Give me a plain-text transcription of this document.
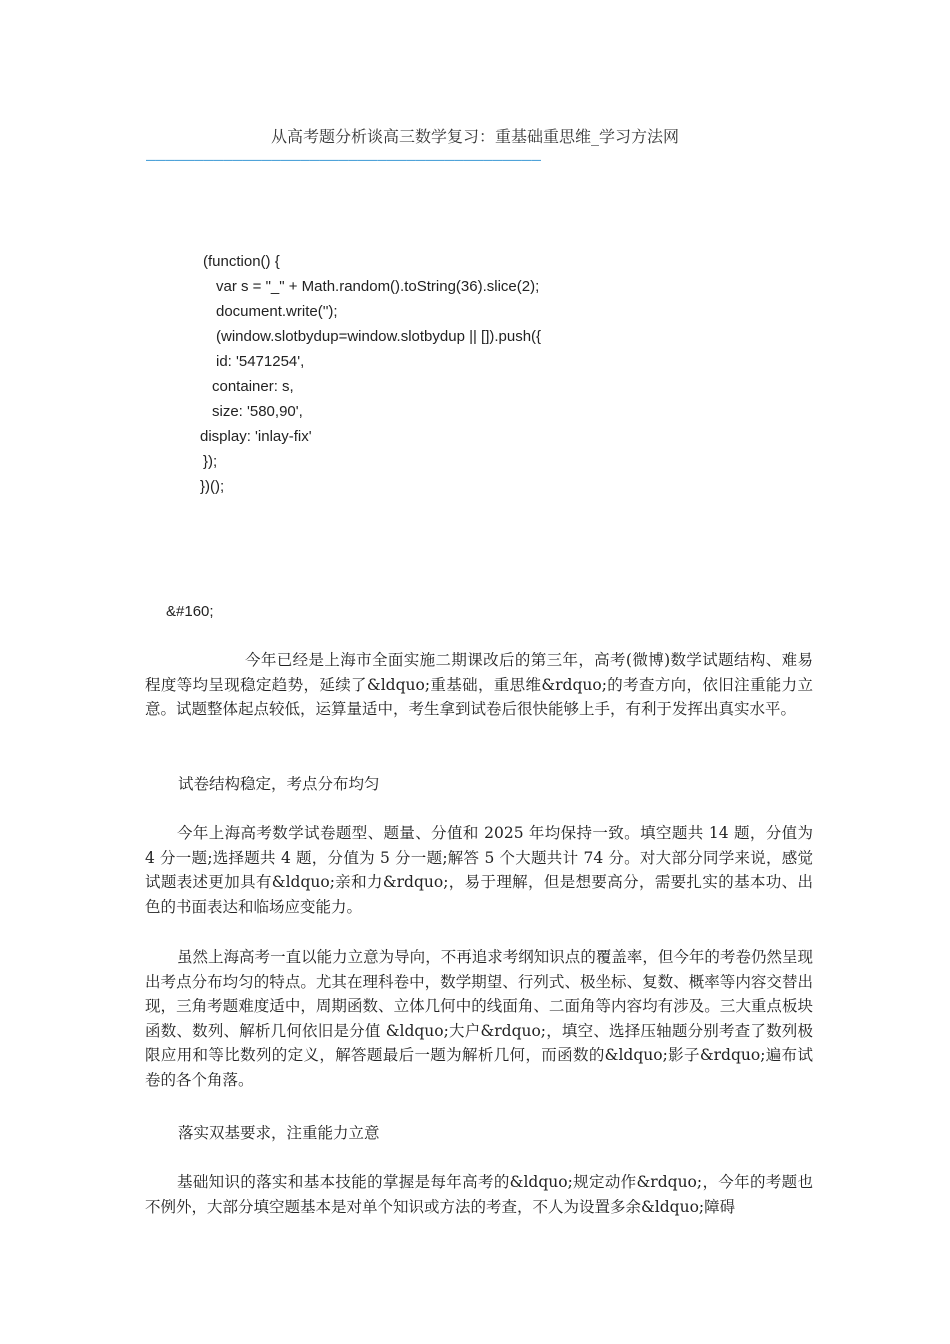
从高考题分析谈高三数学复习：重基础重思维_学习方法网
—————————————————————————————————————————
(function() {
var s = "_" + Math.random().toString(36).slice(2);
document.write('');
(window.slotbydup=window.slotbydup || []).push({
id: '5471254',
container: s,
size: '580,90',
display: 'inlay-fix'
});
})();
&#160;

今年已经是上海市全面实施二期课改后的第三年，高考(微博)数学试题结构、难易程度等均呈现稳定趋势，延续了&ldquo;重基础，重思维&rdquo;的考查方向，依旧注重能力立意。试题整体起点较低，运算量适中，考生拿到试卷后很快能够上手，有利于发挥出真实水平。

试卷结构稳定，考点分布均匀

今年上海高考数学试卷题型、题量、分值和 2025 年均保持一致。填空题共 14 题，分值为 4 分一题;选择题共 4 题，分值为 5 分一题;解答 5 个大题共计 74 分。对大部分同学来说，感觉试题表述更加具有&ldquo;亲和力&rdquo;，易于理解，但是想要高分，需要扎实的基本功、出色的书面表达和临场应变能力。

虽然上海高考一直以能力立意为导向，不再追求考纲知识点的覆盖率，但今年的考卷仍然呈现出考点分布均匀的特点。尤其在理科卷中，数学期望、行列式、极坐标、复数、概率等内容交替出现，三角考题难度适中，周期函数、立体几何中的线面角、二面角等内容均有涉及。三大重点板块函数、数列、解析几何依旧是分值 &ldquo;大户&rdquo;，填空、选择压轴题分别考查了数列极限应用和等比数列的定义，解答题最后一题为解析几何，而函数的&ldquo;影子&rdquo;遍布试卷的各个角落。

落实双基要求，注重能力立意

基础知识的落实和基本技能的掌握是每年高考的&ldquo;规定动作&rdquo;，今年的考题也不例外，大部分填空题基本是对单个知识或方法的考查，不人为设置多余&ldquo;障碍
